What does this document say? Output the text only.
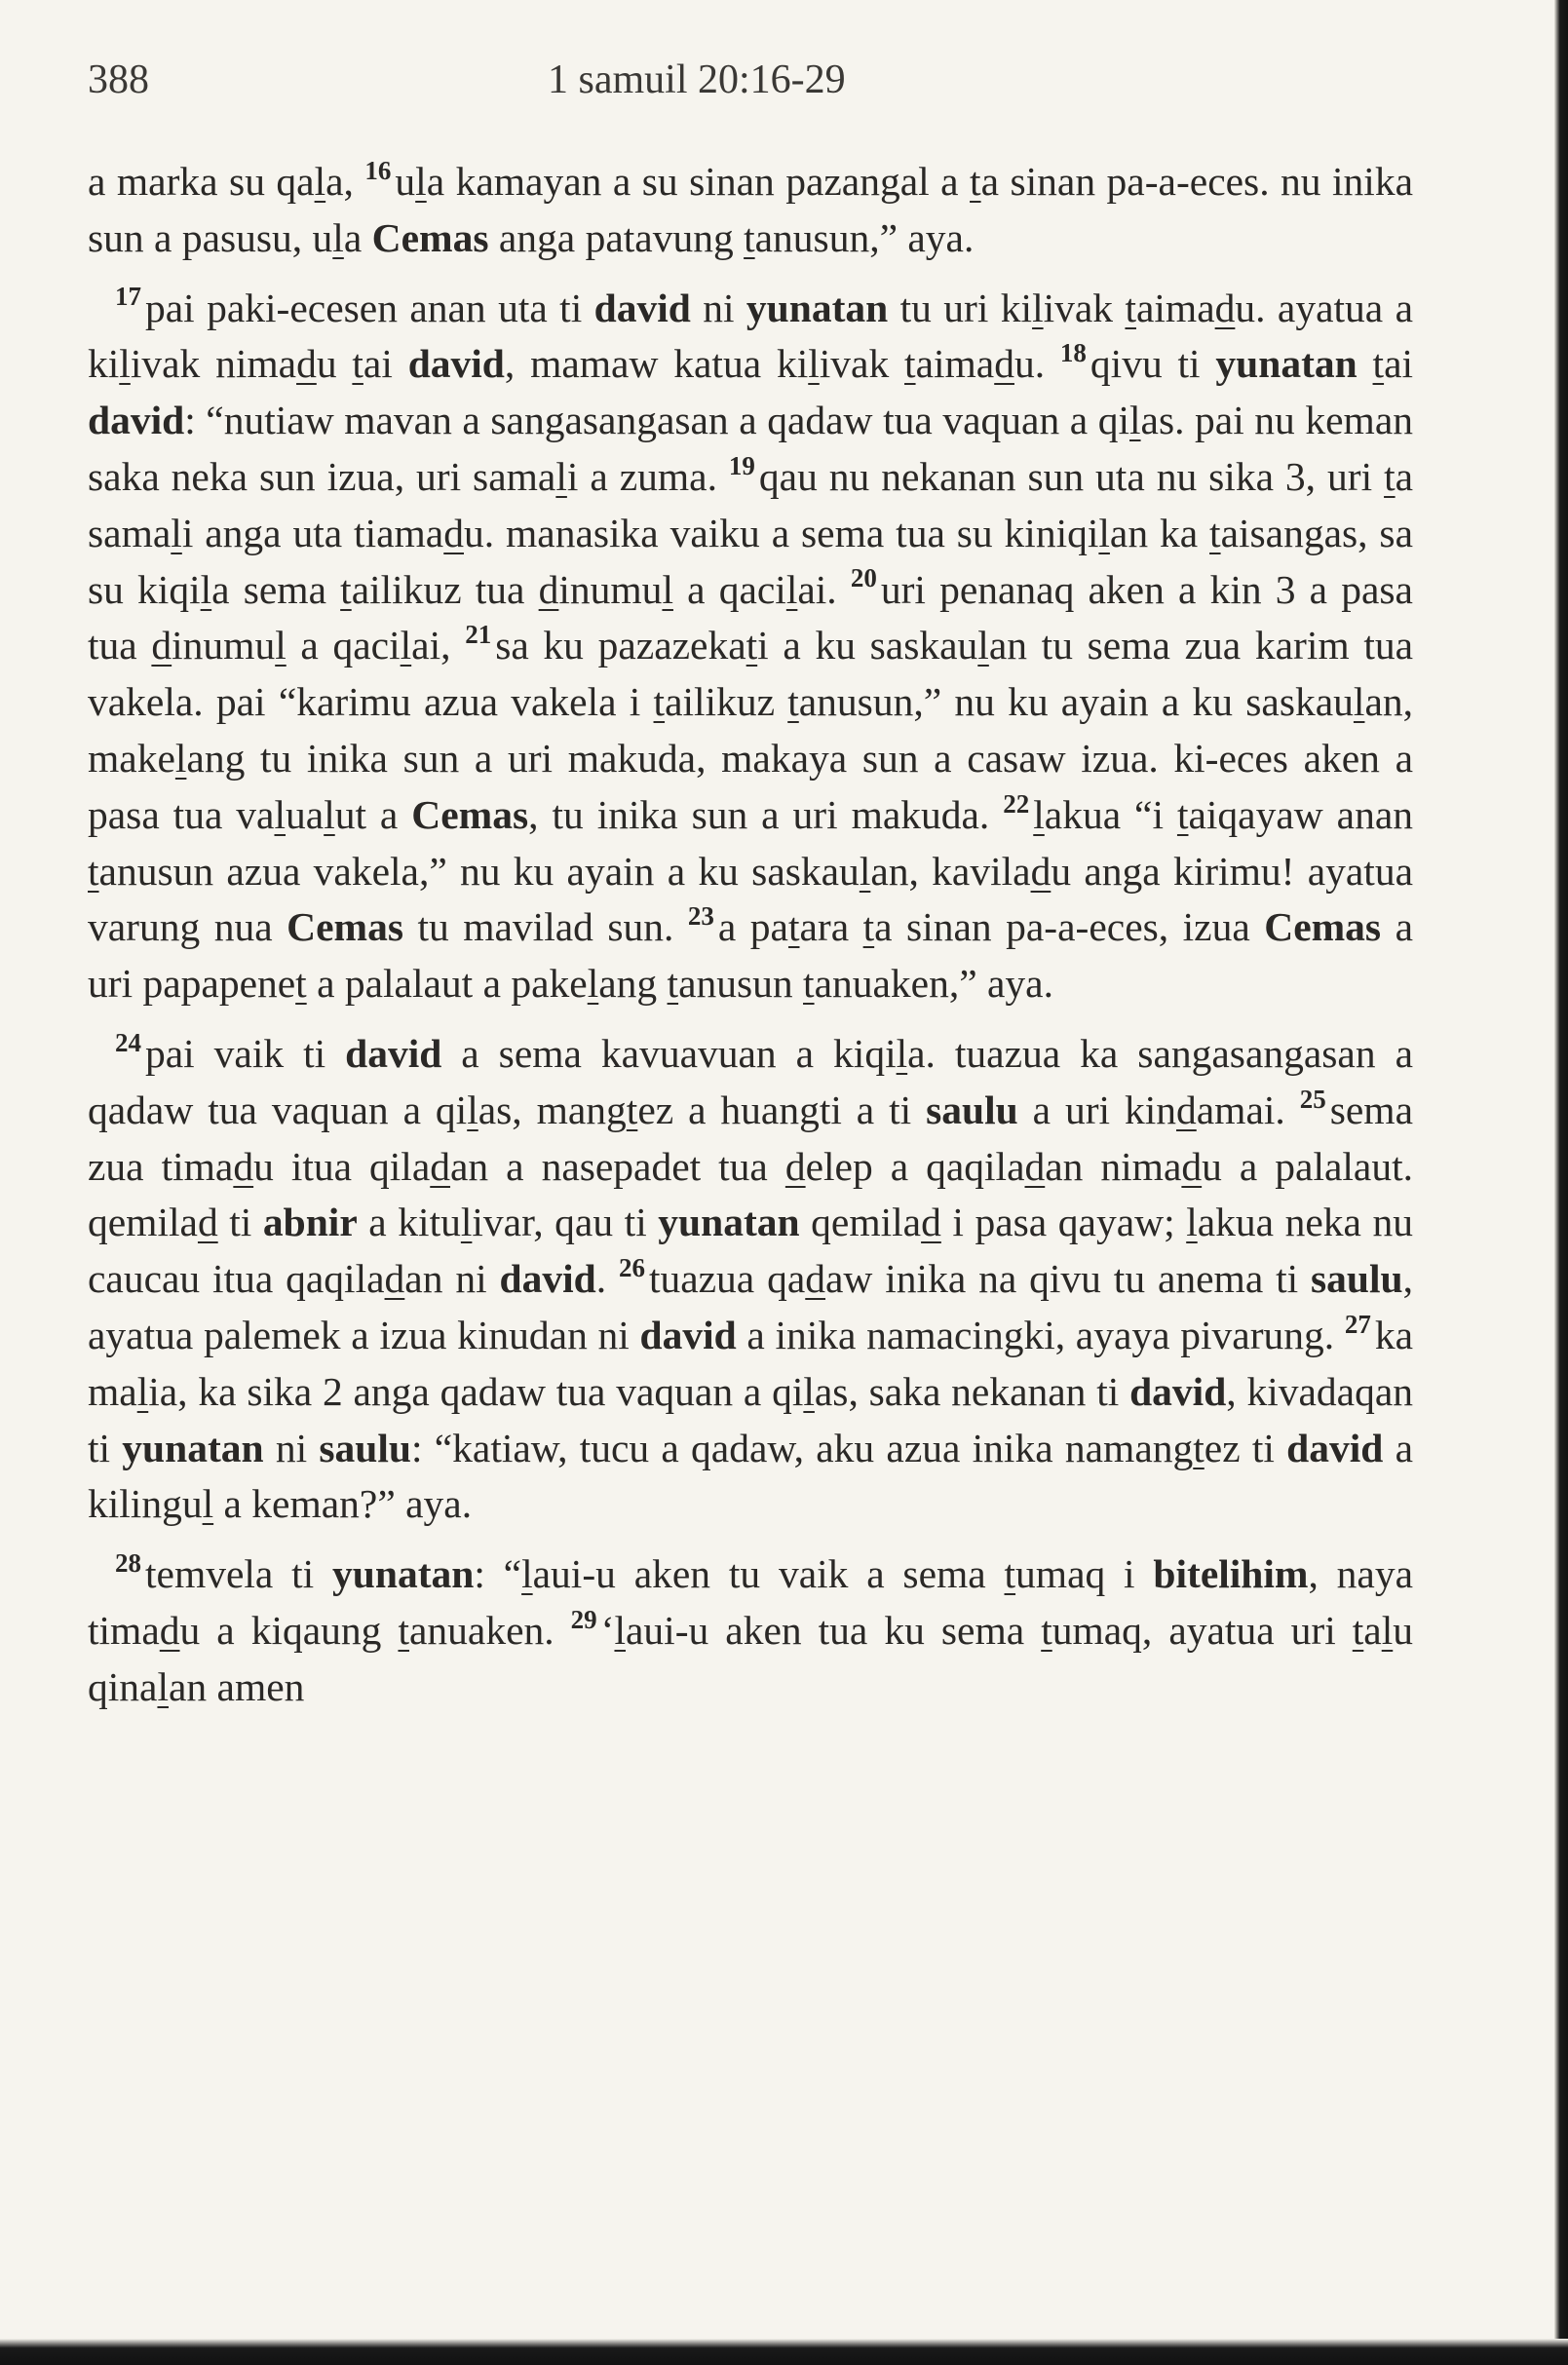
388	1 samuil 20:16-29

a marka su qala, $^{16}$ula kamayan a su sinan pazangal a ta sinan pa-a-eces. nu inika sun a pasusu, ula Cemas anga patavung tanusun,” aya.

$^{17}$pai paki-ecesen anan uta ti david ni yunatan tu uri kilivak taimadu. ayatua a kilivak nimadu tai david, mamaw katua kilivak taimadu. $^{18}$qivu ti yunatan tai david: “nutiaw mavan a sangasangasan a qadaw tua vaquan a qilas. pai nu keman saka neka sun izua, uri samali a zuma. $^{19}$qau nu nekanan sun uta nu sika 3, uri ta samali anga uta tiamadu. manasika vaiku a sema tua su kiniqilan ka taisangas, sa su kiqila sema tailikuz tua dinumul a qacilai. $^{20}$uri penanaq aken a kin 3 a pasa tua dinumul a qacilai, $^{21}$sa ku pazazekati a ku saskaulan tu sema zua karim tua vakela. pai “karimu azua vakela i tailikuz tanusun,” nu ku ayain a ku saskaulan, makelang tu inika sun a uri makuda, makaya sun a casaw izua. ki-eces aken a pasa tua valualut a Cemas, tu inika sun a uri makuda. $^{22}$lakua “i taiqayaw anan tanusun azua vakela,” nu ku ayain a ku saskaulan, kaviladu anga kirimu! ayatua varung nua Cemas tu mavilad sun. $^{23}$a patara ta sinan pa-a-eces, izua Cemas a uri papapenet a palalaut a pakelang tanusun tanuaken,” aya.

$^{24}$pai vaik ti david a sema kavuavuan a kiqila. tuazua ka sangasangasan a qadaw tua vaquan a qilas, mangtez a huangti a ti saulu a uri kindamai. $^{25}$sema zua timadu itua qiladan a nasepadet tua delep a qaqiladan nimadu a palalaut. qemilad ti abnir a kitulivar, qau ti yunatan qemilad i pasa qayaw; lakua neka nu caucau itua qaqiladan ni david. $^{26}$tuazua qadaw inika na qivu tu anema ti saulu, ayatua palemek a izua kinudan ni david a inika namacingki, ayaya pivarung. $^{27}$ka malia, ka sika 2 anga qadaw tua vaquan a qilas, saka nekanan ti david, kivadaqan ti yunatan ni saulu: “katiaw, tucu a qadaw, aku azua inika namangtez ti david a kilingul a keman?” aya.

$^{28}$temvela ti yunatan: “laui-u aken tu vaik a sema tumaq i bitelihim, naya timadu a kiqaung tanuaken. $^{29}$‘laui-u aken tua ku sema tumaq, ayatua uri talu qinalan amen
